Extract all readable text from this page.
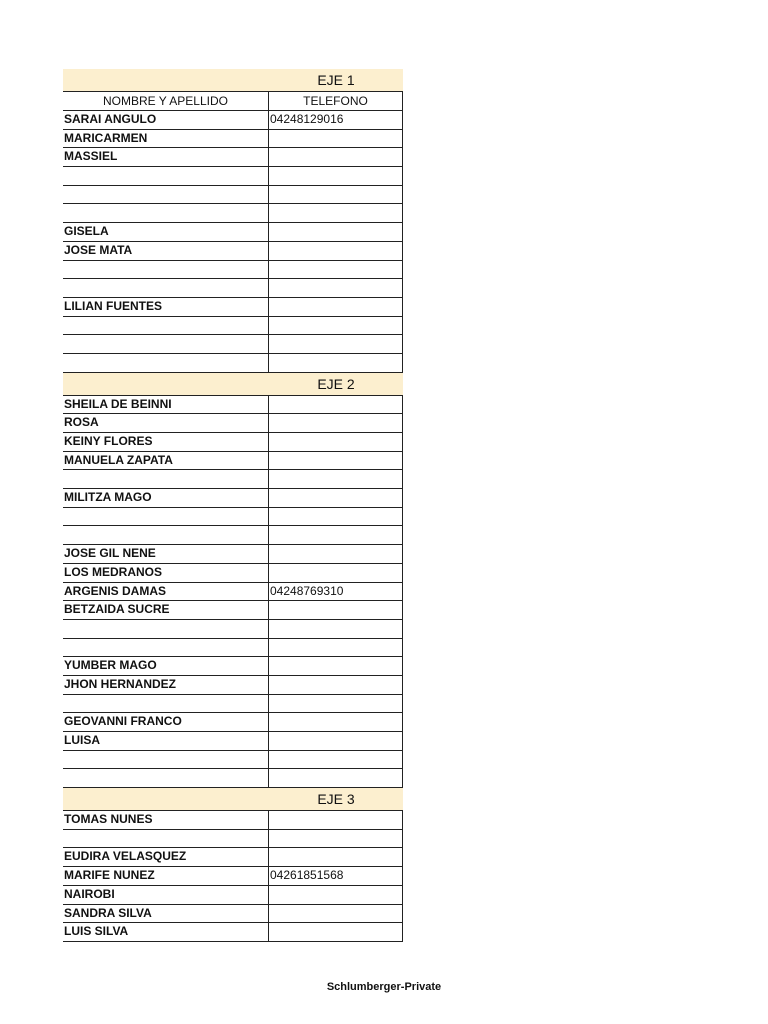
EJE 1
NOMBRE Y APELLIDO	TELEFONO
SARAI ANGULO	04248129016
MARICARMEN
MASSIEL
GISELA
JOSE MATA
LILIAN FUENTES
EJE 2
SHEILA DE BEINNI
ROSA
KEINY FLORES
MANUELA ZAPATA
MILITZA MAGO
JOSE GIL NENE
LOS MEDRANOS
ARGENIS DAMAS	04248769310
BETZAIDA SUCRE
YUMBER MAGO
JHON HERNANDEZ
GEOVANNI FRANCO
LUISA
EJE 3
TOMAS NUNES
EUDIRA VELASQUEZ
MARIFE NUNEZ	04261851568
NAIROBI
SANDRA SILVA
LUIS SILVA
Schlumberger-Private
